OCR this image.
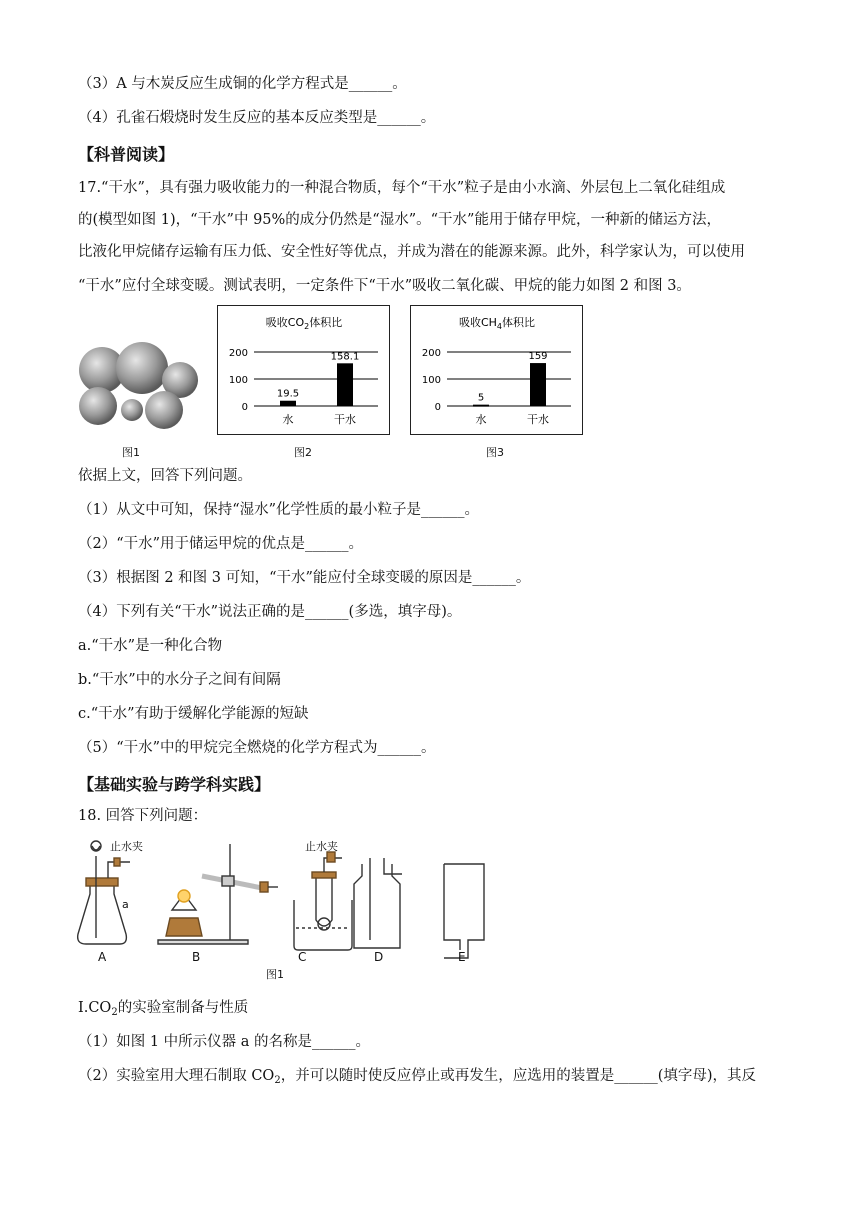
（3）A 与木炭反应生成铜的化学方程式是______。
（4）孔雀石煅烧时发生反应的基本反应类型是______。
【科普阅读】
17.“干水”，具有强力吸收能力的一种混合物质，每个“干水”粒子是由小水滴、外层包上二氧化硅组成
的(模型如图 1)，“干水”中 95%的成分仍然是“湿水”。“干水”能用于储存甲烷，一种新的储运方法，
比液化甲烷储存运输有压力低、安全性好等优点，并成为潜在的能源来源。此外，科学家认为，可以使用
“干水”应付全球变暖。测试表明，一定条件下“干水”吸收二氧化碳、甲烷的能力如图 2 和图 3。
图1
吸收$CO_2$体积比
200
100
0
19.5
水
158.1
干水
图2
吸收$CH_4$体积比
200
100
0
5
水
159
干水
图3
依据上文，回答下列问题。
（1）从文中可知，保持“湿水”化学性质的最小粒子是______。
（2）“干水”用于储运甲烷的优点是______。
（3）根据图 2 和图 3 可知，“干水”能应付全球变暖的原因是______。
（4）下列有关“干水”说法正确的是______(多选，填字母)。
a.“干水”是一种化合物
b.“干水”中的水分子之间有间隔
c.“干水”有助于缓解化学能源的短缺
（5）“干水”中的甲烷完全燃烧的化学方程式为______。
【基础实验与跨学科实践】
18. 回答下列问题：
止水夹	止水夹
a
A	B	C	D	E
图1
$I.CO_2$的实验室制备与性质
（1）如图 1 中所示仪器 a 的名称是______。
（2）实验室用大理石制取 $CO_2$，并可以随时使反应停止或再发生，应选用的装置是______(填字母)，其反
